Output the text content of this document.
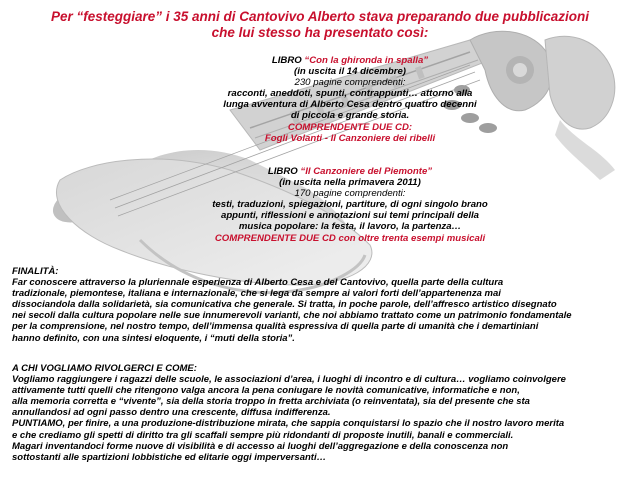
Per “festeggiare” i 35 anni di Cantovivo Alberto stava preparando due pubblicazioni
che lui stesso ha presentato così:
LIBRO “Con la ghironda in spalla”
(in uscita il 14 dicembre)
230 pagine comprendenti:
racconti, aneddoti, spunti, contrappunti… attorno alla
lunga avventura di Alberto Cesa dentro quattro decenni
di piccola e grande storia.
COMPRENDENTE DUE CD:
Fogli Volanti - Il Canzoniere dei ribelli
LIBRO “Il Canzoniere del Piemonte”
(in uscita nella primavera 2011)
170 pagine comprendenti:
testi, traduzioni, spiegazioni, partiture, di ogni singolo brano
appunti, riflessioni e annotazioni sui temi principali della
musica popolare: la festa, il lavoro, la partenza…
COMPRENDENTE DUE CD con oltre trenta esempi musicali
FINALITÀ:
Far conoscere attraverso la pluriennale esperienza di Alberto Cesa e del Cantovivo, quella parte della cultura
tradizionale, piemontese, italiana e internazionale, che si lega da sempre ai valori forti dell’appartenenza mai
dissociandola dalla solidarietà, sia comunicativa che generale. Si tratta, in poche parole, dell’affresco artistico disegnato
nei secoli dalla cultura popolare nelle sue innumerevoli varianti, che noi abbiamo trattato come un patrimonio fondamentale
per la comprensione, nel nostro tempo, dell’immensa qualità espressiva di quella parte di umanità che i demartiniani
hanno definito, con una sintesi eloquente, i “muti della storia”.
A CHI VOGLIAMO RIVOLGERCI E COME:
Vogliamo raggiungere i ragazzi delle scuole, le associazioni d’area, i luoghi di incontro e di cultura… vogliamo coinvolgere
attivamente tutti quelli che ritengono valga ancora la pena coniugare le novità comunicative, informatiche e non,
alla memoria corretta e “vivente”, sia della storia troppo in fretta archiviata (o reinventata), sia del presente che sta
annullandosi ad ogni passo dentro una crescente, diffusa indifferenza.
PUNTIAMO, per finire, a una produzione-distribuzione mirata, che sappia conquistarsi lo spazio che il nostro lavoro merita
e che crediamo gli spetti di diritto tra gli scaffali sempre più ridondanti di proposte inutili, banali e commerciali.
Magari inventandoci forme nuove di visibilità e di accesso ai luoghi dell’aggregazione e della conoscenza non
sottostanti alle spartizioni lobbistiche ed elitarie oggi imperversanti…
